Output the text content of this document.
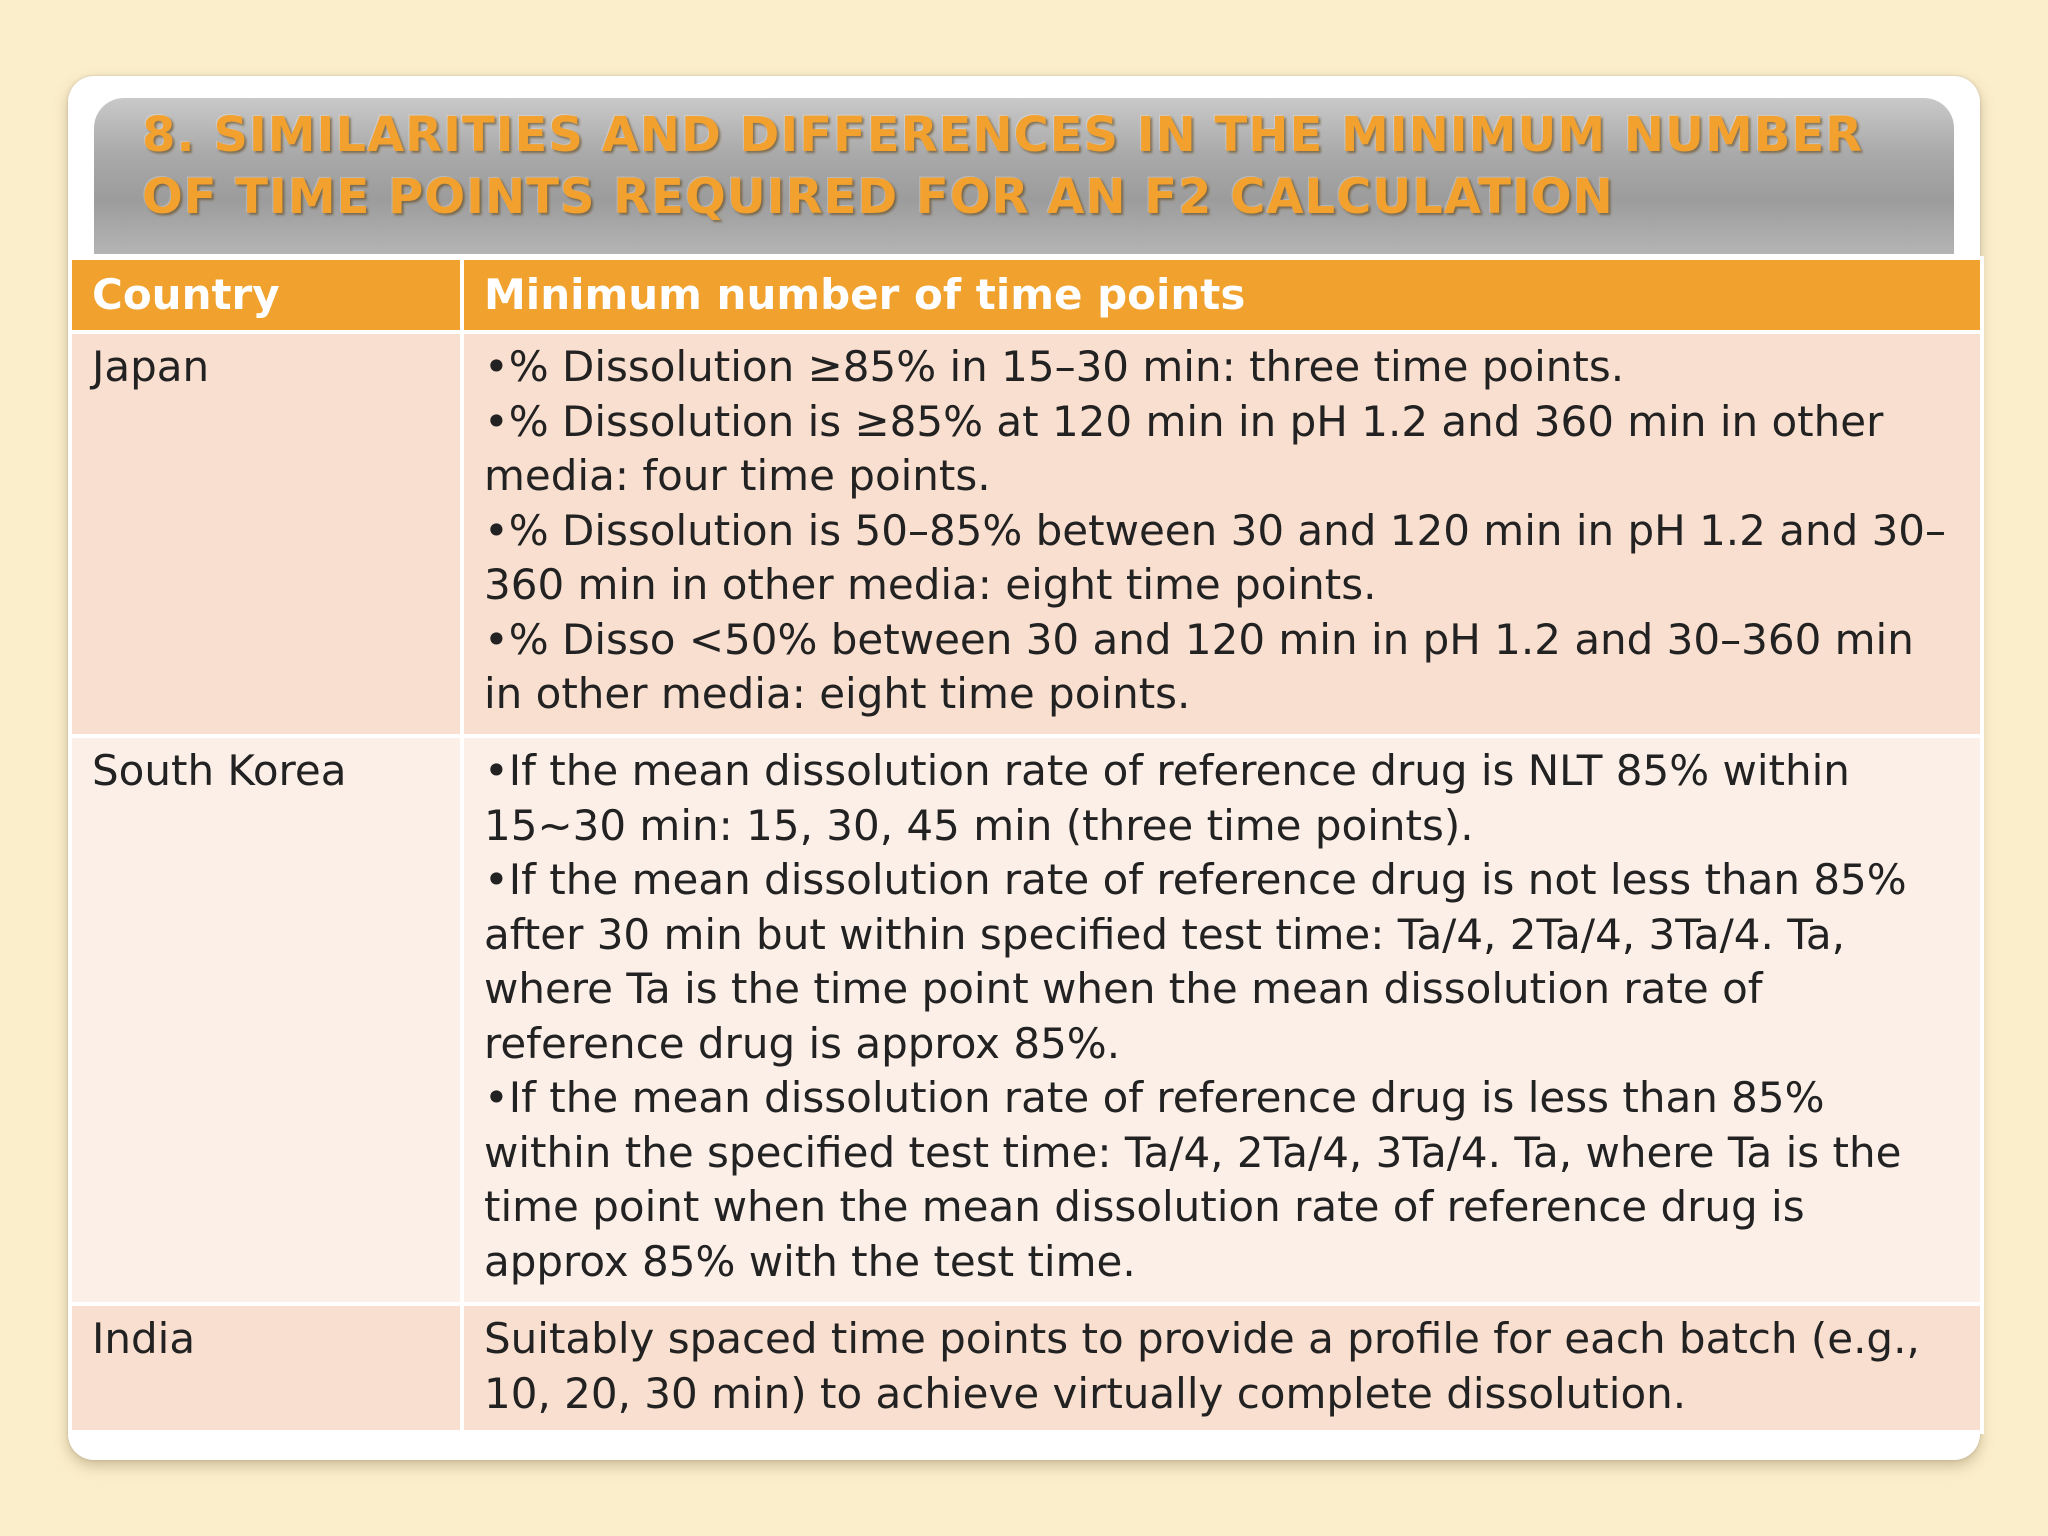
8. SIMILARITIES AND DIFFERENCES IN THE MINIMUM NUMBER
OF TIME POINTS REQUIRED FOR AN F2 CALCULATION
Country	Minimum number of time points
Japan	•% Dissolution ≥85% in 15–30 min: three time points.
•% Dissolution is ≥85% at 120 min in pH 1.2 and 360 min in other media: four time points.
•% Dissolution is 50–85% between 30 and 120 min in pH 1.2 and 30–360 min in other media: eight time points.
•% Disso <50% between 30 and 120 min in pH 1.2 and 30–360 min in other media: eight time points.

South Korea	•If the mean dissolution rate of reference drug is NLT 85% within 15~30 min: 15, 30, 45 min (three time points).
•If the mean dissolution rate of reference drug is not less than 85% after 30 min but within specified test time: Ta/4, 2Ta/4, 3Ta/4. Ta, where Ta is the time point when the mean dissolution rate of reference drug is approx 85%.
•If the mean dissolution rate of reference drug is less than 85% within the specified test time: Ta/4, 2Ta/4, 3Ta/4. Ta, where Ta is the time point when the mean dissolution rate of reference drug is approx 85% with the test time.

India	Suitably spaced time points to provide a profile for each batch (e.g., 10, 20, 30 min) to achieve virtually complete dissolution.
